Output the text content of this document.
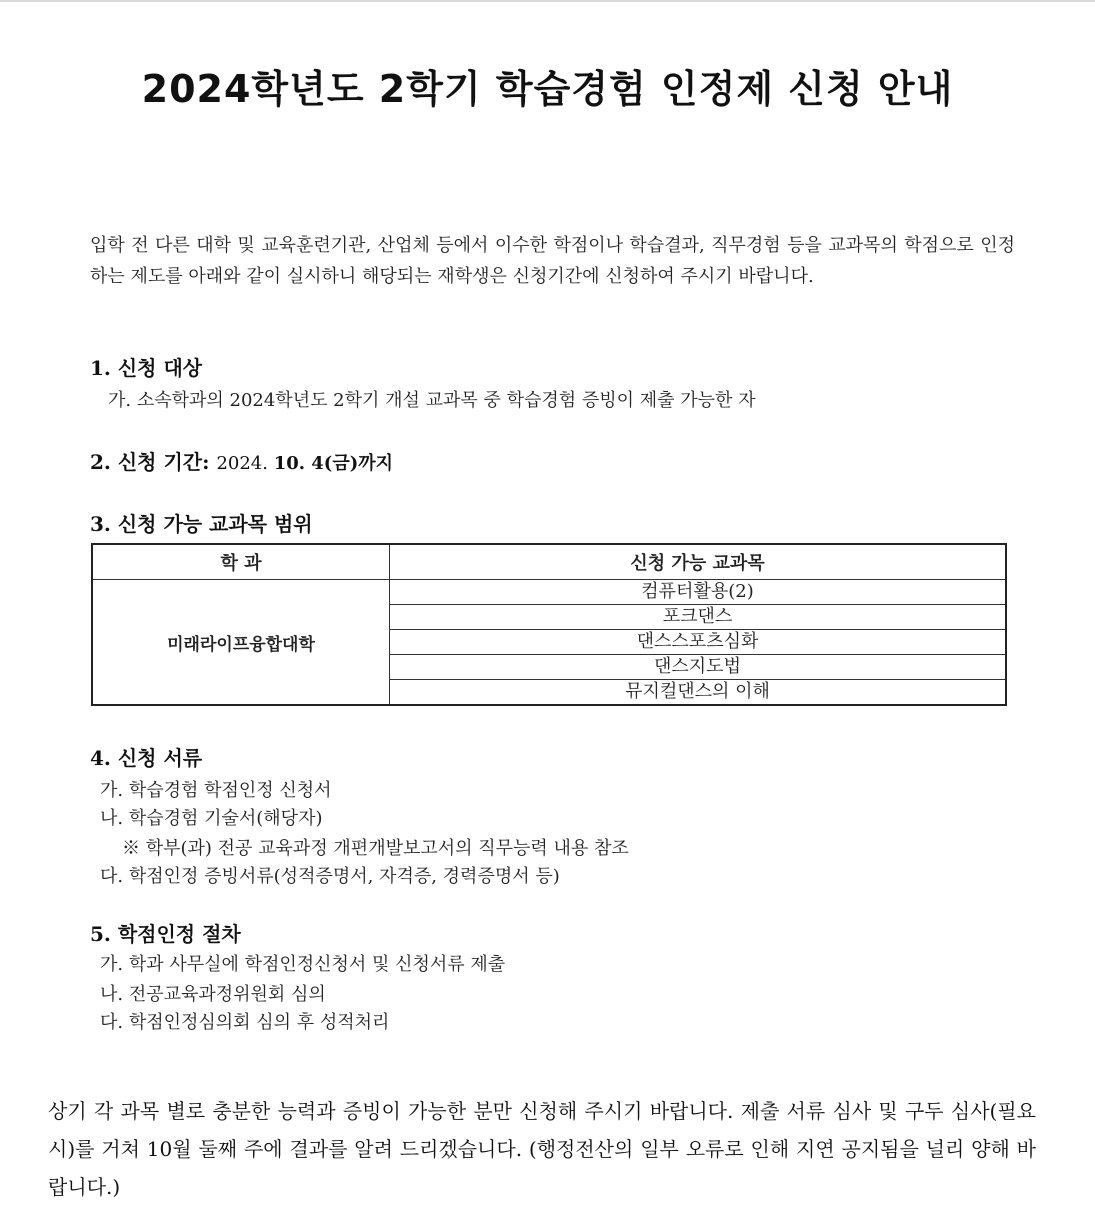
2024학년도 2학기 학습경험 인정제 신청 안내

입학 전 다른 대학 및 교육훈련기관, 산업체 등에서 이수한 학점이나 학습결과, 직무경험 등을 교과목의 학점으로 인정하는 제도를 아래와 같이 실시하니 해당되는 재학생은 신청기간에 신청하여 주시기 바랍니다.

1. 신청 대상
가. 소속학과의 2024학년도 2학기 개설 교과목 중 학습경험 증빙이 제출 가능한 자
2. 신청 기간: 2024. 10. 4(금)까지
3. 신청 가능 교과목 범위
학 과	신청 가능 교과목
미래라이프융합대학	컴퓨터활용(2)
	포크댄스
	댄스스포츠심화
	댄스지도법
	뮤지컬댄스의 이해
4. 신청 서류
가. 학습경험 학점인정 신청서
나. 학습경험 기술서(해당자)
※ 학부(과) 전공 교육과정 개편개발보고서의 직무능력 내용 참조
다. 학점인정 증빙서류(성적증명서, 자격증, 경력증명서 등)
5. 학점인정 절차
가. 학과 사무실에 학점인정신청서 및 신청서류 제출
나. 전공교육과정위원회 심의
다. 학점인정심의회 심의 후 성적처리

상기 각 과목 별로 충분한 능력과 증빙이 가능한 분만 신청해 주시기 바랍니다. 제출 서류 심사 및 구두 심사(필요 시)를 거쳐 10월 둘째 주에 결과를 알려 드리겠습니다. (행정전산의 일부 오류로 인해 지연 공지됨을 널리 양해 바랍니다.)
